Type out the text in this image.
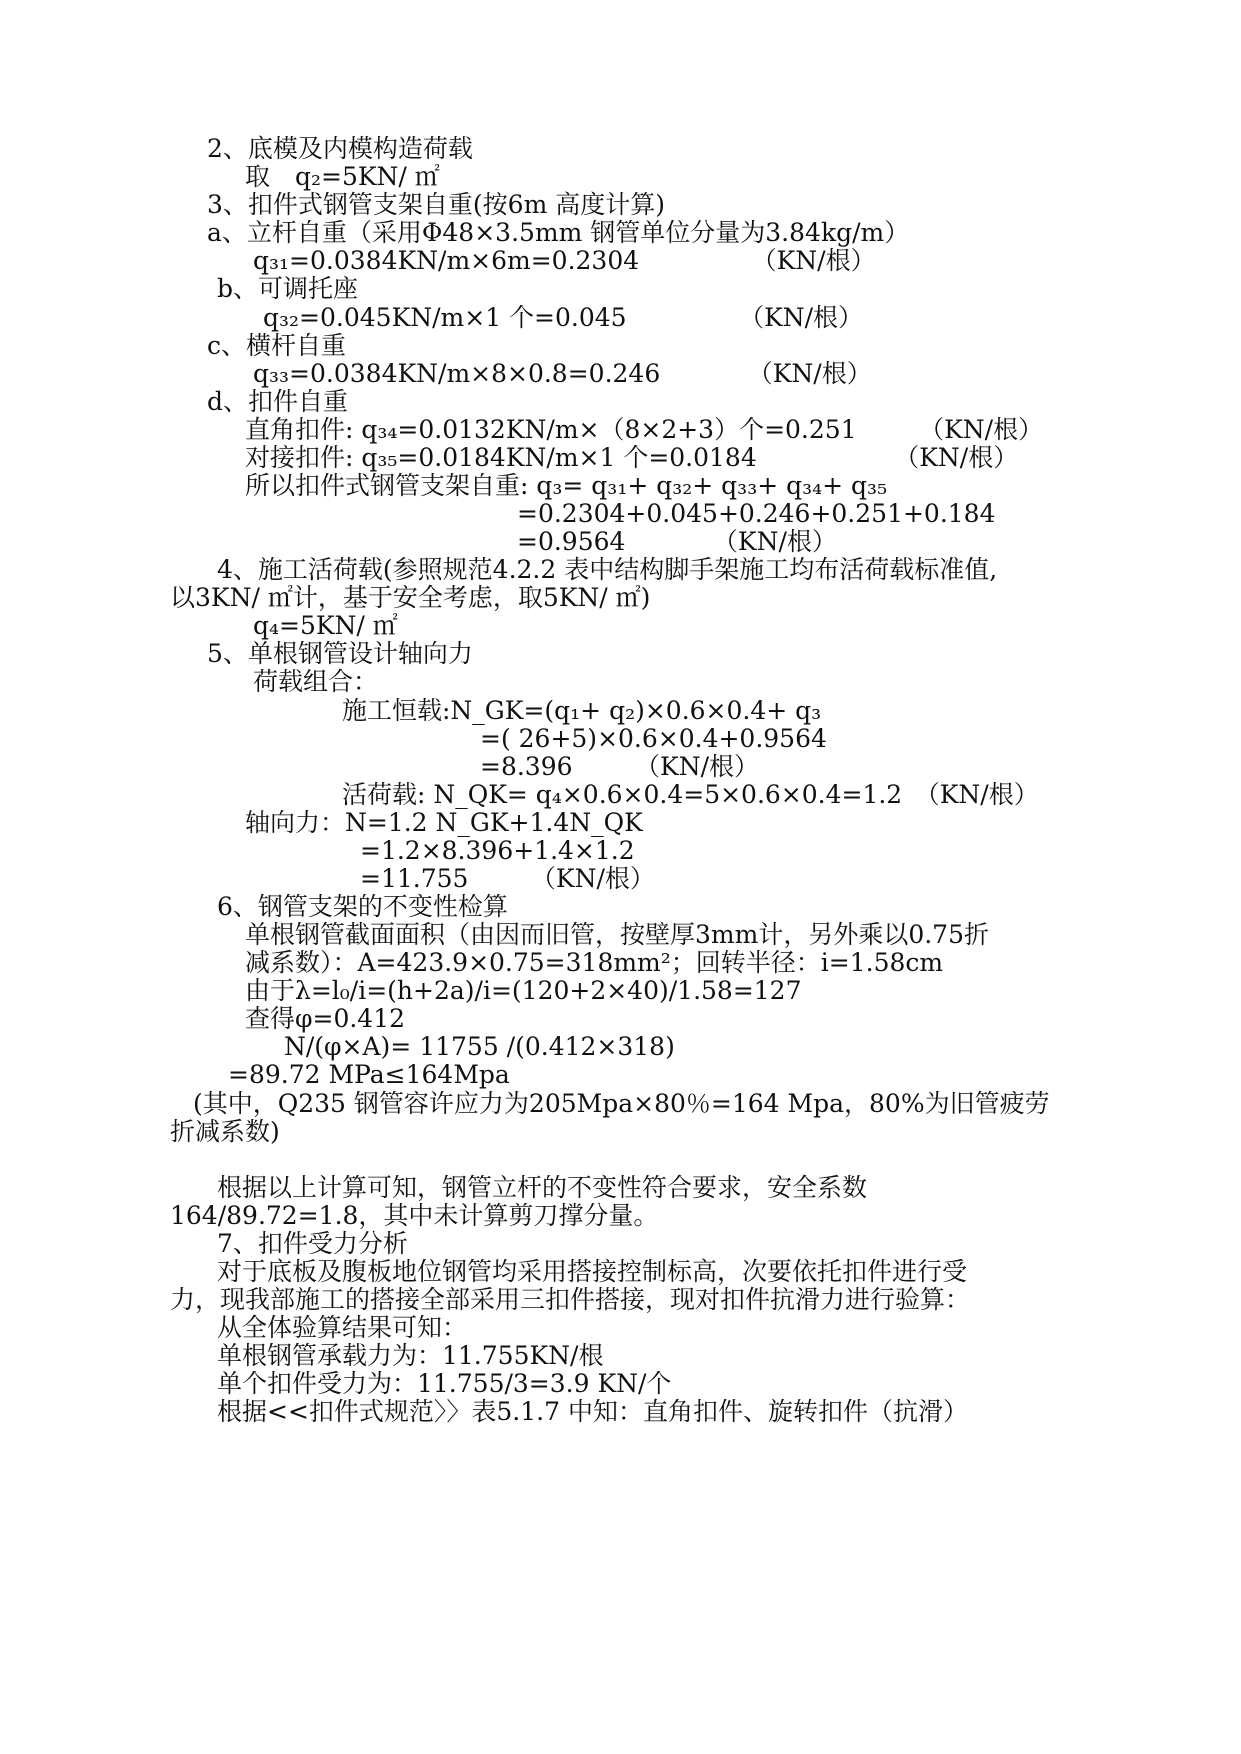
2、底模及内模构造荷载
取　q₂=5KN/ ㎡
3、扣件式钢管支架自重(按6m 高度计算)
a、立杆自重（采用Φ48×3.5mm 钢管单位分量为3.84kg/m）
q₃₁=0.0384KN/m×6m=0.2304　　　　　（KN/根）
b、可调托座
q₃₂=0.045KN/m×1 个=0.045　　　　　（KN/根）
c、横杆自重
q₃₃=0.0384KN/m×8×0.8=0.246　　　　（KN/根）
d、扣件自重
直角扣件: q₃₄=0.0132KN/m×（8×2+3）个=0.251　　　（KN/根）
对接扣件: q₃₅=0.0184KN/m×1 个=0.0184　　　　　　（KN/根）
所以扣件式钢管支架自重: q₃= q₃₁+ q₃₂+ q₃₃+ q₃₄+ q₃₅
=0.2304+0.045+0.246+0.251+0.184
=0.9564　　　　（KN/根）
4、施工活荷载(参照规范4.2.2 表中结构脚手架施工均布活荷载标准值,
以3KN/ ㎡计，基于安全考虑，取5KN/ ㎡)
q₄=5KN/ ㎡
5、单根钢管设计轴向力
荷载组合：
施工恒载:N_GK=(q₁+ q₂)×0.6×0.4+ q₃
=( 26+5)×0.6×0.4+0.9564
=8.396　　　（KN/根）
活荷载: N_QK= q₄×0.6×0.4=5×0.6×0.4=1.2　（KN/根）
轴向力：N=1.2 N_GK+1.4N_QK
=1.2×8.396+1.4×1.2
=11.755　　　（KN/根）
6、钢管支架的不变性检算
单根钢管截面面积（由因而旧管，按壁厚3mm计，另外乘以0.75折
减系数）：A=423.9×0.75=318mm²；回转半径：i=1.58cm
由于λ=l₀/i=(h+2a)/i=(120+2×40)/1.58=127
查得φ=0.412
N/(φ×A)= 11755 /(0.412×318)
=89.72 MPa≤164Mpa
(其中，Q235 钢管容许应力为205Mpa×80％=164 Mpa，80%为旧管疲劳
折减系数)
根据以上计算可知，钢管立杆的不变性符合要求，安全系数
164/89.72=1.8，其中未计算剪刀撑分量。
7、扣件受力分析
对于底板及腹板地位钢管均采用搭接控制标高，次要依托扣件进行受
力，现我部施工的搭接全部采用三扣件搭接，现对扣件抗滑力进行验算：
从全体验算结果可知：
单根钢管承载力为：11.755KN/根
单个扣件受力为：11.755/3=3.9 KN/个
根据<<扣件式规范〉〉表5.1.7 中知：直角扣件、旋转扣件（抗滑）
